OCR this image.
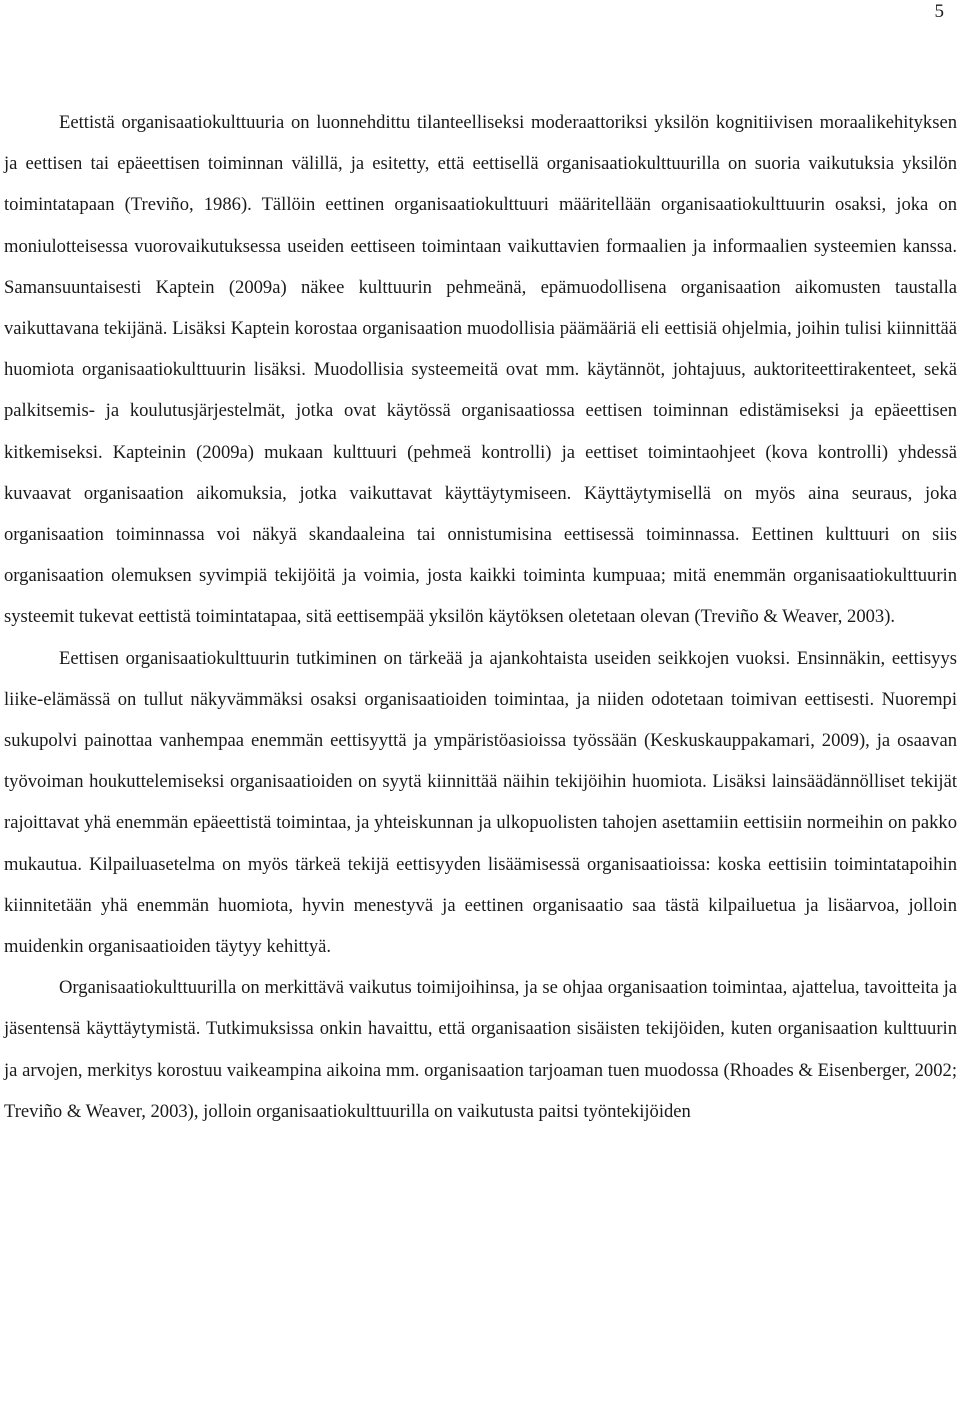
5

Eettistä organisaatiokulttuuria on luonnehdittu tilanteelliseksi moderaattoriksi yksilön kognitiivisen moraalikehityksen ja eettisen tai epäeettisen toiminnan välillä, ja esitetty, että eettisellä organisaatiokulttuurilla on suoria vaikutuksia yksilön toimintatapaan (Treviño, 1986). Tällöin eettinen organisaatiokulttuuri määritellään organisaatiokulttuurin osaksi, joka on moniulotteisessa vuorovaikutuksessa useiden eettiseen toimintaan vaikuttavien formaalien ja informaalien systeemien kanssa. Samansuuntaisesti Kaptein (2009a) näkee kulttuurin pehmeänä, epämuodollisena organisaation aikomusten taustalla vaikuttavana tekijänä. Lisäksi Kaptein korostaa organisaation muodollisia päämääriä eli eettisiä ohjelmia, joihin tulisi kiinnittää huomiota organisaatiokulttuurin lisäksi. Muodollisia systeemeitä ovat mm. käytännöt, johtajuus, auktoriteettirakenteet, sekä palkitsemis- ja koulutusjärjestelmät, jotka ovat käytössä organisaatiossa eettisen toiminnan edistämiseksi ja epäeettisen kitkemiseksi. Kapteinin (2009a) mukaan kulttuuri (pehmeä kontrolli) ja eettiset toimintaohjeet (kova kontrolli) yhdessä kuvaavat organisaation aikomuksia, jotka vaikuttavat käyttäytymiseen. Käyttäytymisellä on myös aina seuraus, joka organisaation toiminnassa voi näkyä skandaaleina tai onnistumisina eettisessä toiminnassa. Eettinen kulttuuri on siis organisaation olemuksen syvimpiä tekijöitä ja voimia, josta kaikki toiminta kumpuaa; mitä enemmän organisaatiokulttuurin systeemit tukevat eettistä toimintatapaa, sitä eettisempää yksilön käytöksen oletetaan olevan (Treviño & Weaver, 2003).

Eettisen organisaatiokulttuurin tutkiminen on tärkeää ja ajankohtaista useiden seikkojen vuoksi. Ensinnäkin, eettisyys liike-elämässä on tullut näkyvämmäksi osaksi organisaatioiden toimintaa, ja niiden odotetaan toimivan eettisesti. Nuorempi sukupolvi painottaa vanhempaa enemmän eettisyyttä ja ympäristöasioissa työssään (Keskuskauppakamari, 2009), ja osaavan työvoiman houkuttelemiseksi organisaatioiden on syytä kiinnittää näihin tekijöihin huomiota. Lisäksi lainsäädännölliset tekijät rajoittavat yhä enemmän epäeettistä toimintaa, ja yhteiskunnan ja ulkopuolisten tahojen asettamiin eettisiin normeihin on pakko mukautua. Kilpailuasetelma on myös tärkeä tekijä eettisyyden lisäämisessä organisaatioissa: koska eettisiin toimintatapoihin kiinnitetään yhä enemmän huomiota, hyvin menestyvä ja eettinen organisaatio saa tästä kilpailuetua ja lisäarvoa, jolloin muidenkin organisaatioiden täytyy kehittyä.

Organisaatiokulttuurilla on merkittävä vaikutus toimijoihinsa, ja se ohjaa organisaation toimintaa, ajattelua, tavoitteita ja jäsentensä käyttäytymistä. Tutkimuksissa onkin havaittu, että organisaation sisäisten tekijöiden, kuten organisaation kulttuurin ja arvojen, merkitys korostuu vaikeampina aikoina mm. organisaation tarjoaman tuen muodossa (Rhoades & Eisenberger, 2002; Treviño & Weaver, 2003), jolloin organisaatiokulttuurilla on vaikutusta paitsi työntekijöiden
